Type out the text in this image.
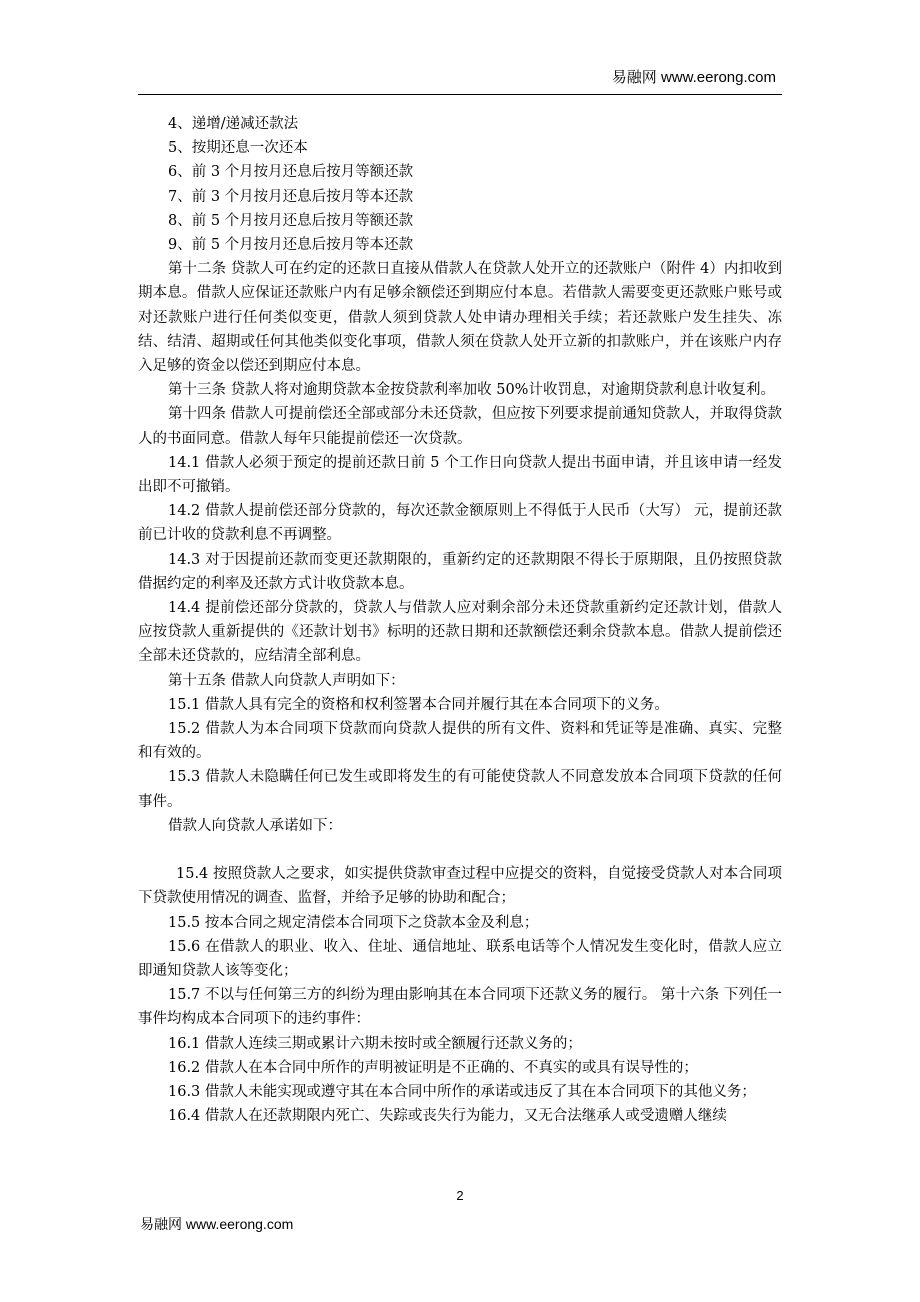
易融网 www.eerong.com

4、递增/递减还款法

5、按期还息一次还本

6、前 3 个月按月还息后按月等额还款

7、前 3 个月按月还息后按月等本还款

8、前 5 个月按月还息后按月等额还款

9、前 5 个月按月还息后按月等本还款

第十二条 贷款人可在约定的还款日直接从借款人在贷款人处开立的还款账户（附件 4）内扣收到期本息。借款人应保证还款账户内有足够余额偿还到期应付本息。若借款人需要变更还款账户账号或对还款账户进行任何类似变更，借款人须到贷款人处申请办理相关手续；若还款账户发生挂失、冻结、结清、超期或任何其他类似变化事项，借款人须在贷款人处开立新的扣款账户，并在该账户内存入足够的资金以偿还到期应付本息。

第十三条 贷款人将对逾期贷款本金按贷款利率加收 50%计收罚息，对逾期贷款利息计收复利。

第十四条 借款人可提前偿还全部或部分未还贷款，但应按下列要求提前通知贷款人，并取得贷款人的书面同意。借款人每年只能提前偿还一次贷款。

14.1 借款人必须于预定的提前还款日前 5 个工作日向贷款人提出书面申请，并且该申请一经发出即不可撤销。

14.2 借款人提前偿还部分贷款的，每次还款金额原则上不得低于人民币（大写） 元，提前还款前已计收的贷款利息不再调整。

14.3 对于因提前还款而变更还款期限的，重新约定的还款期限不得长于原期限，且仍按照贷款借据约定的利率及还款方式计收贷款本息。

14.4 提前偿还部分贷款的，贷款人与借款人应对剩余部分未还贷款重新约定还款计划，借款人应按贷款人重新提供的《还款计划书》标明的还款日期和还款额偿还剩余贷款本息。借款人提前偿还全部未还贷款的，应结清全部利息。

第十五条 借款人向贷款人声明如下：

15.1 借款人具有完全的资格和权利签署本合同并履行其在本合同项下的义务。

15.2 借款人为本合同项下贷款而向贷款人提供的所有文件、资料和凭证等是准确、真实、完整和有效的。

15.3 借款人未隐瞒任何已发生或即将发生的有可能使贷款人不同意发放本合同项下贷款的任何事件。

借款人向贷款人承诺如下：

15.4 按照贷款人之要求，如实提供贷款审查过程中应提交的资料，自觉接受贷款人对本合同项下贷款使用情况的调查、监督，并给予足够的协助和配合；

15.5 按本合同之规定清偿本合同项下之贷款本金及利息；

15.6 在借款人的职业、收入、住址、通信地址、联系电话等个人情况发生变化时，借款人应立即通知贷款人该等变化；

15.7 不以与任何第三方的纠纷为理由影响其在本合同项下还款义务的履行。 第十六条 下列任一事件均构成本合同项下的违约事件：

16.1 借款人连续三期或累计六期未按时或全额履行还款义务的；

16.2 借款人在本合同中所作的声明被证明是不正确的、不真实的或具有误导性的；

16.3 借款人未能实现或遵守其在本合同中所作的承诺或违反了其在本合同项下的其他义务；

16.4 借款人在还款期限内死亡、失踪或丧失行为能力，又无合法继承人或受遗赠人继续

2
易融网 www.eerong.com
